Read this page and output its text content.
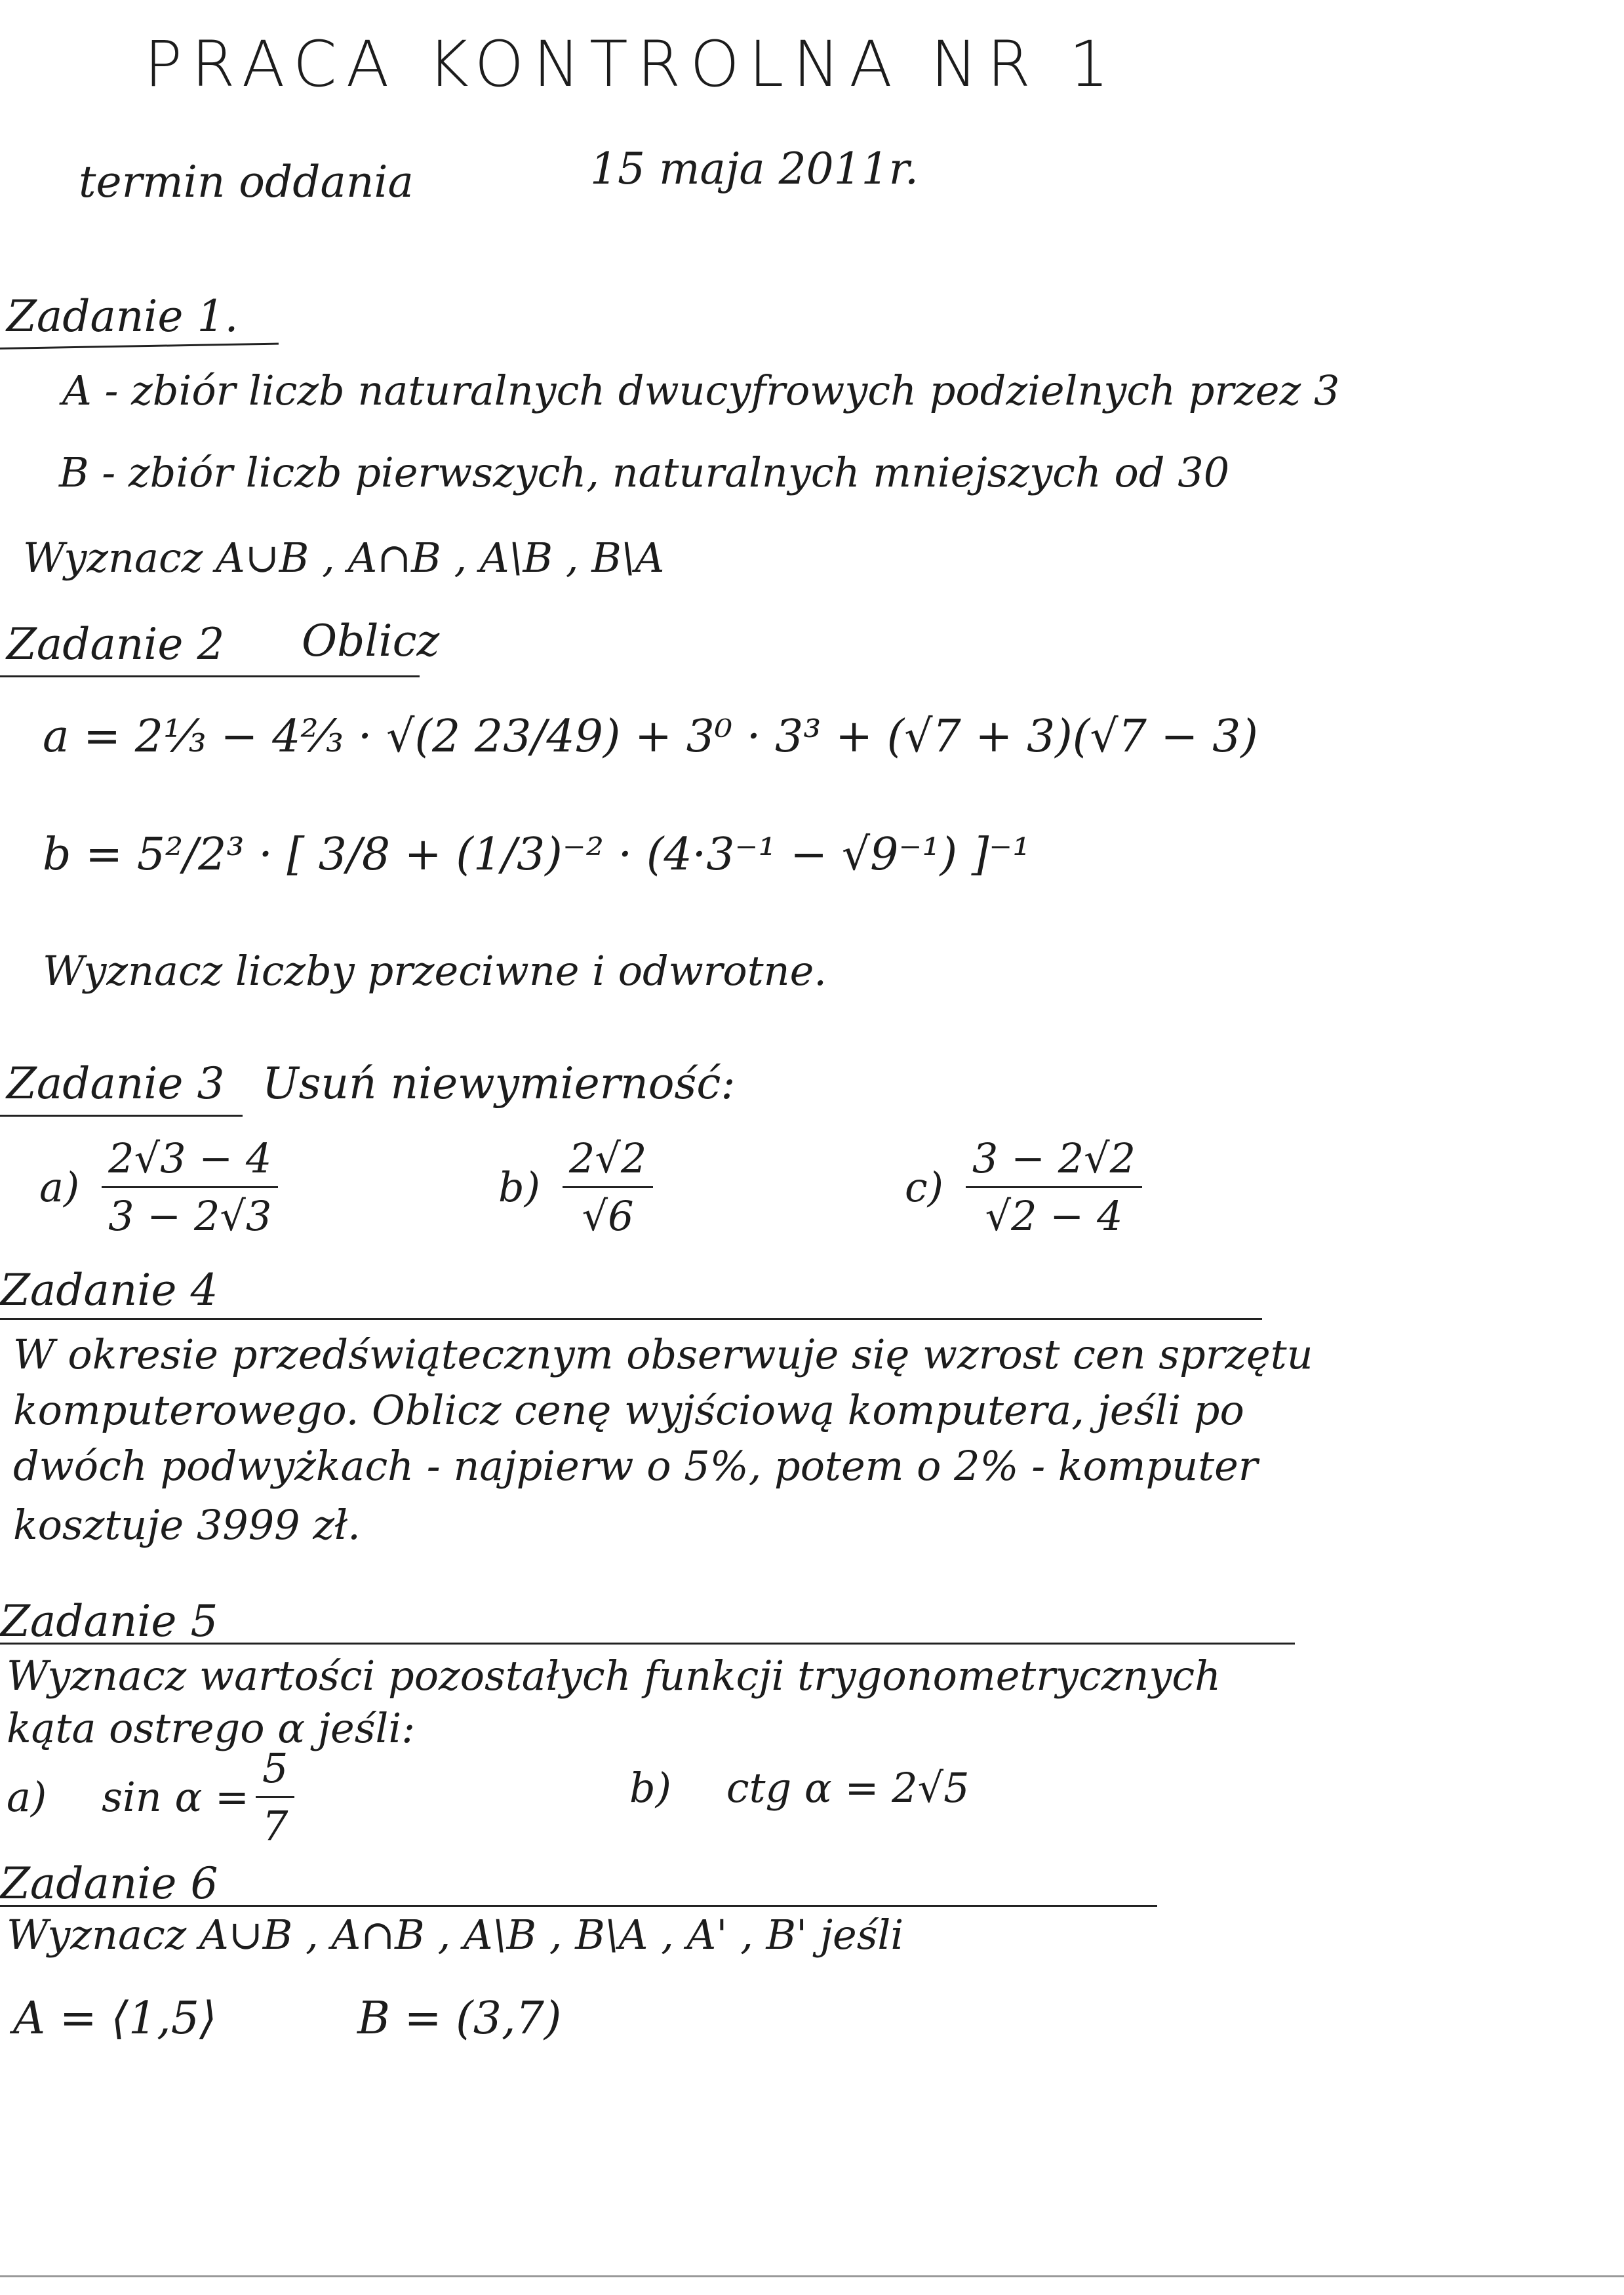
PRACA KONTROLNA NR 1
termin oddania	15 maja 2011r.
Zadanie 1.
A - zbiór liczb naturalnych dwucyfrowych podzielnych przez 3
B - zbiór liczb pierwszych, naturalnych mniejszych od 30
Wyznacz A∪B , A∩B , A\B , B\A
Zadanie 2 Oblicz
a = 2⅓ − 4⅔ · √(2 23/49) + 3⁰ · 3³ + (√7 + 3)(√7 − 3)
b = 5²/2³ · [ 3/8 + (1/3)⁻² · (4·3⁻¹ − √9⁻¹) ]⁻¹
Wyznacz liczby przeciwne i odwrotne.
Zadanie 3 Usuń niewymierność:
$a) \frac{2√3 - 4}{3 - 2√3}$	$b) \frac{2√2}{√6}$	$c) \frac{3 - 2√2}{√2 - 4}$
Zadanie 4
W okresie przedświątecznym obserwuje się wzrost cen sprzętu
komputerowego. Oblicz cenę wyjściową komputera, jeśli po
dwóch podwyżkach - najpierw o 5%, potem o 2% - komputer
kosztuje 3999 zł.
Zadanie 5
Wyznacz wartości pozostałych funkcji trygonometrycznych
kąta ostrego α jeśli:
a) $\sin \alpha = \frac{5}{7}$	b) ctg α = 2√5
Zadanie 6
Wyznacz A∪B , A∩B , A\B , B\A , A' , B' jeśli
A = ⟨1,5⟩	B = (3,7)
